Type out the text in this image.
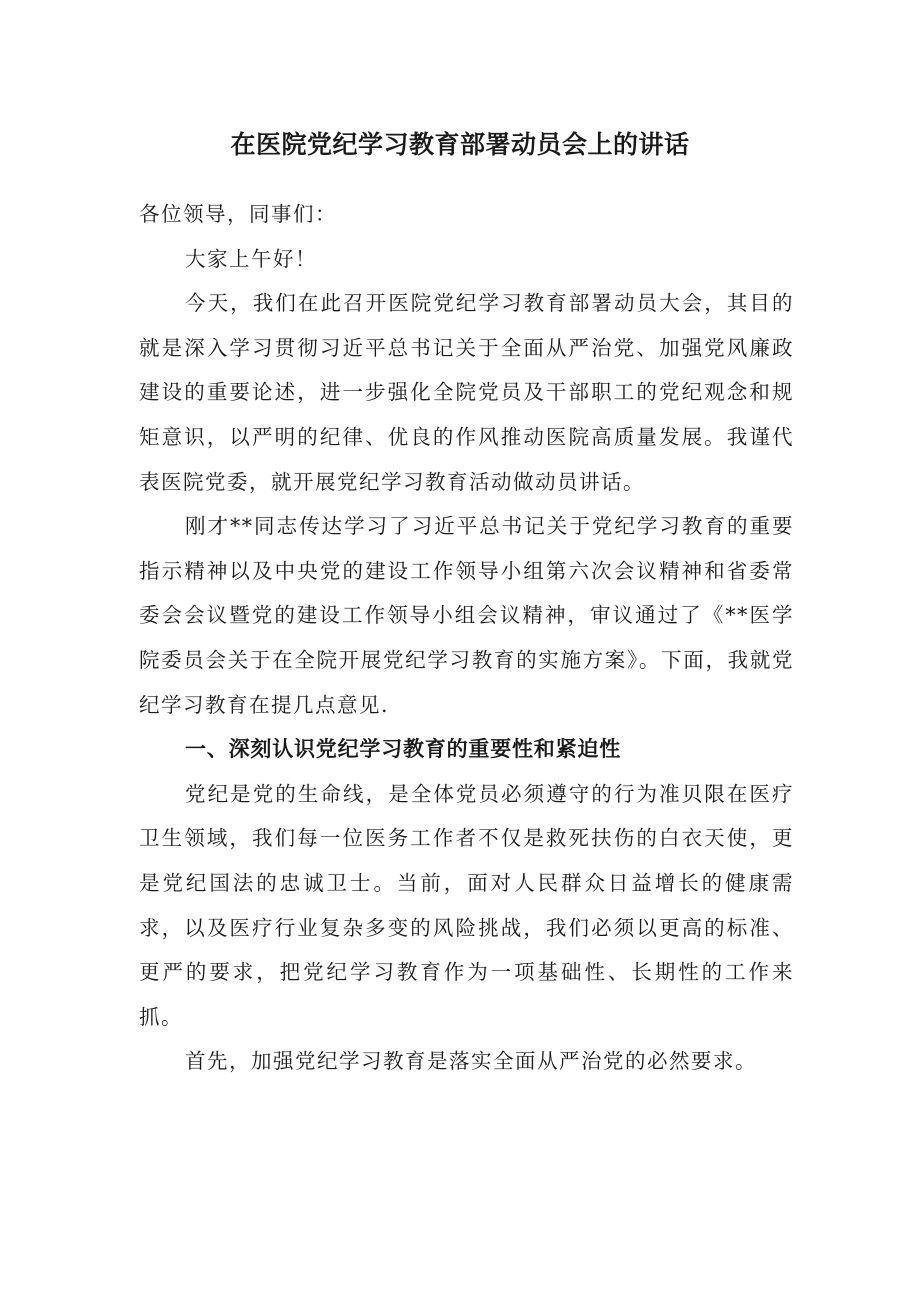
在医院党纪学习教育部署动员会上的讲话

各位领导，同事们：

大家上午好！

今天，我们在此召开医院党纪学习教育部署动员大会，其目的就是深入学习贯彻习近平总书记关于全面从严治党、加强党风廉政建设的重要论述，进一步强化全院党员及干部职工的党纪观念和规矩意识，以严明的纪律、优良的作风推动医院高质量发展。我谨代表医院党委，就开展党纪学习教育活动做动员讲话。

刚才**同志传达学习了习近平总书记关于党纪学习教育的重要指示精神以及中央党的建设工作领导小组第六次会议精神和省委常委会会议暨党的建设工作领导小组会议精神，审议通过了《**医学院委员会关于在全院开展党纪学习教育的实施方案》。下面，我就党纪学习教育在提几点意见.

一、深刻认识党纪学习教育的重要性和紧迫性

党纪是党的生命线，是全体党员必须遵守的行为准贝限在医疗卫生领域，我们每一位医务工作者不仅是救死扶伤的白衣天使，更是党纪国法的忠诚卫士。当前，面对人民群众日益增长的健康需求，以及医疗行业复杂多变的风险挑战，我们必须以更高的标准、更严的要求，把党纪学习教育作为一项基础性、长期性的工作来抓。

首先，加强党纪学习教育是落实全面从严治党的必然要求。
